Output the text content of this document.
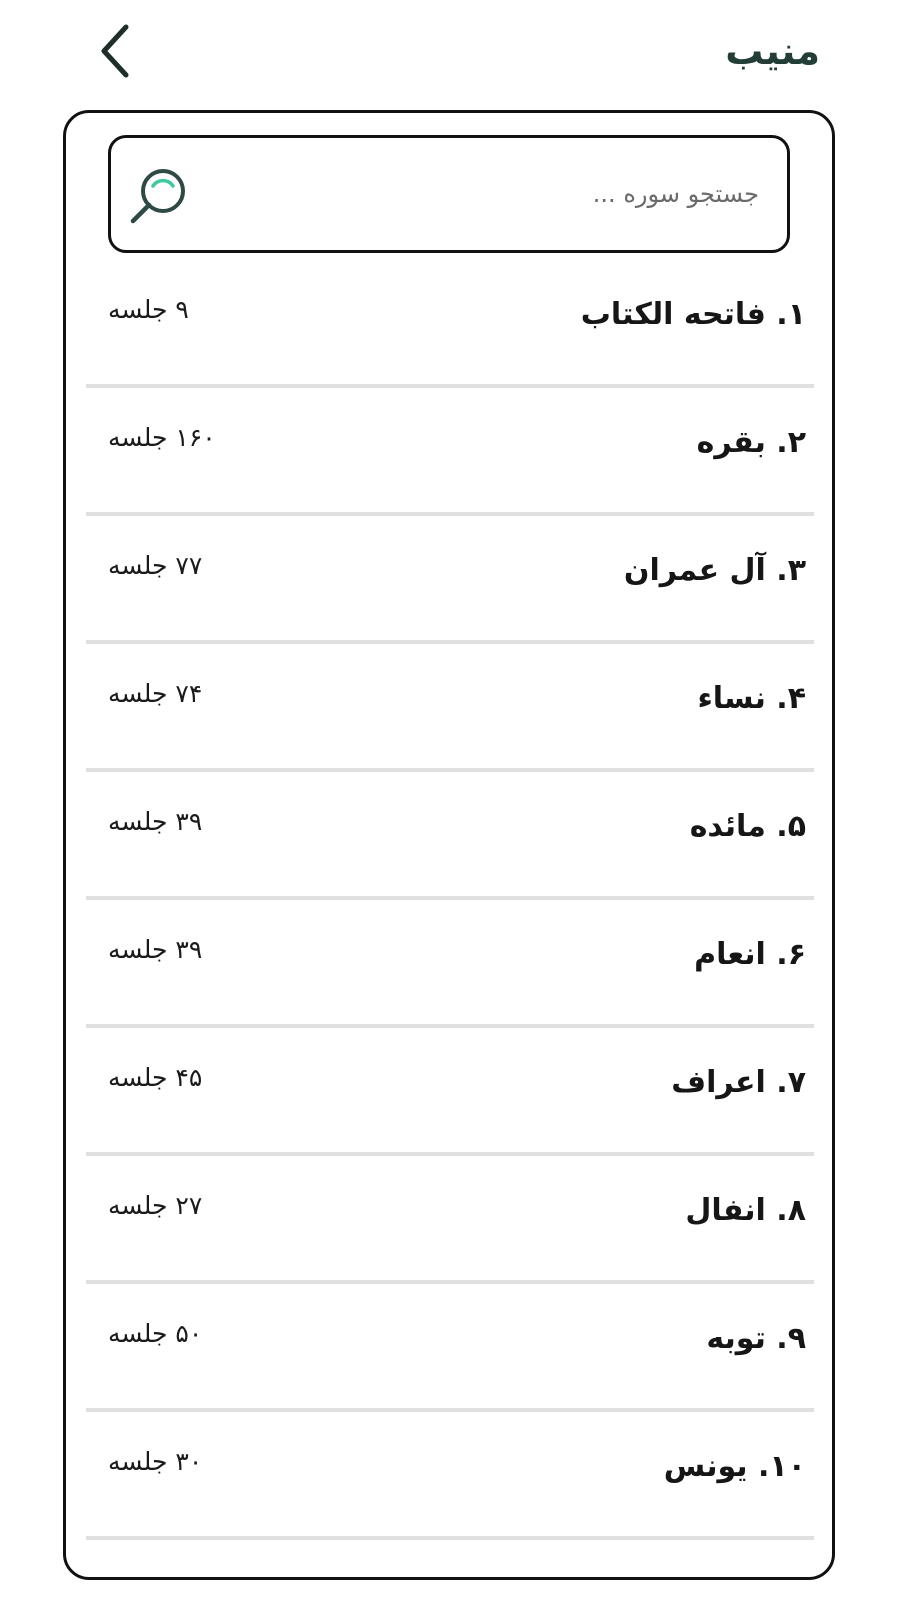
منیب
جستجو سوره ...
۱. فاتحه الکتاب
۹ جلسه
۲. بقره
۱۶۰ جلسه
۳. آل عمران
۷۷ جلسه
۴. نساء
۷۴ جلسه
۵. مائده
۳۹ جلسه
۶. انعام
۳۹ جلسه
۷. اعراف
۴۵ جلسه
۸. انفال
۲۷ جلسه
۹. توبه
۵۰ جلسه
۱۰. یونس
۳۰ جلسه
